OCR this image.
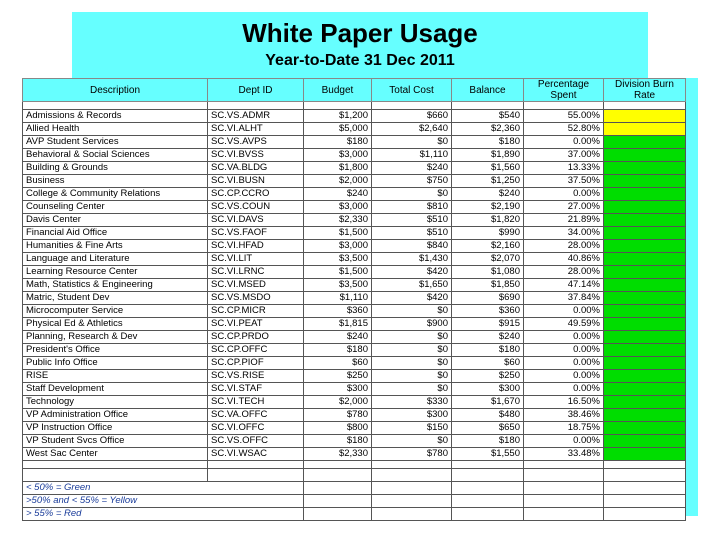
White Paper Usage
Year-to-Date 31 Dec 2011
Description	Dept ID	Budget	Total Cost	Balance	Percentage Spent	Division Burn Rate

Admissions & Records	SC.VS.ADMR	$1,200	$660	$540	55.00%	
Allied Health	SC.VI.ALHT	$5,000	$2,640	$2,360	52.80%	
AVP Student Services	SC.VS.AVPS	$180	$0	$180	0.00%	
Behavioral & Social Sciences	SC.VI.BVSS	$3,000	$1,110	$1,890	37.00%	
Building & Grounds	SC.VA.BLDG	$1,800	$240	$1,560	13.33%	
Business	SC.VI.BUSN	$2,000	$750	$1,250	37.50%	
College & Community Relations	SC.CP.CCRO	$240	$0	$240	0.00%	
Counseling Center	SC.VS.COUN	$3,000	$810	$2,190	27.00%	
Davis Center	SC.VI.DAVS	$2,330	$510	$1,820	21.89%	
Financial Aid Office	SC.VS.FAOF	$1,500	$510	$990	34.00%	
Humanities & Fine Arts	SC.VI.HFAD	$3,000	$840	$2,160	28.00%	
Language and Literature	SC.VI.LIT	$3,500	$1,430	$2,070	40.86%	
Learning Resource Center	SC.VI.LRNC	$1,500	$420	$1,080	28.00%	
Math, Statistics & Engineering	SC.VI.MSED	$3,500	$1,650	$1,850	47.14%	
Matric, Student Dev	SC.VS.MSDO	$1,110	$420	$690	37.84%	
Microcomputer Service	SC.CP.MICR	$360	$0	$360	0.00%	
Physical Ed & Athletics	SC.VI.PEAT	$1,815	$900	$915	49.59%	
Planning, Research & Dev	SC.CP.PRDO	$240	$0	$240	0.00%	
President's Office	SC.CP.OFFC	$180	$0	$180	0.00%	
Public Info Office	SC.CP.PIOF	$60	$0	$60	0.00%	
RISE	SC.VS.RISE	$250	$0	$250	0.00%	
Staff Development	SC.VI.STAF	$300	$0	$300	0.00%	
Technology	SC.VI.TECH	$2,000	$330	$1,670	16.50%	
VP Administration Office	SC.VA.OFFC	$780	$300	$480	38.46%	
VP Instruction Office	SC.VI.OFFC	$800	$150	$650	18.75%	
VP Student Svcs Office	SC.VS.OFFC	$180	$0	$180	0.00%	
West Sac Center	SC.VI.WSAC	$2,330	$780	$1,550	33.48%	

< 50% = Green						
>50% and < 55% = Yellow						
> 55% = Red						
